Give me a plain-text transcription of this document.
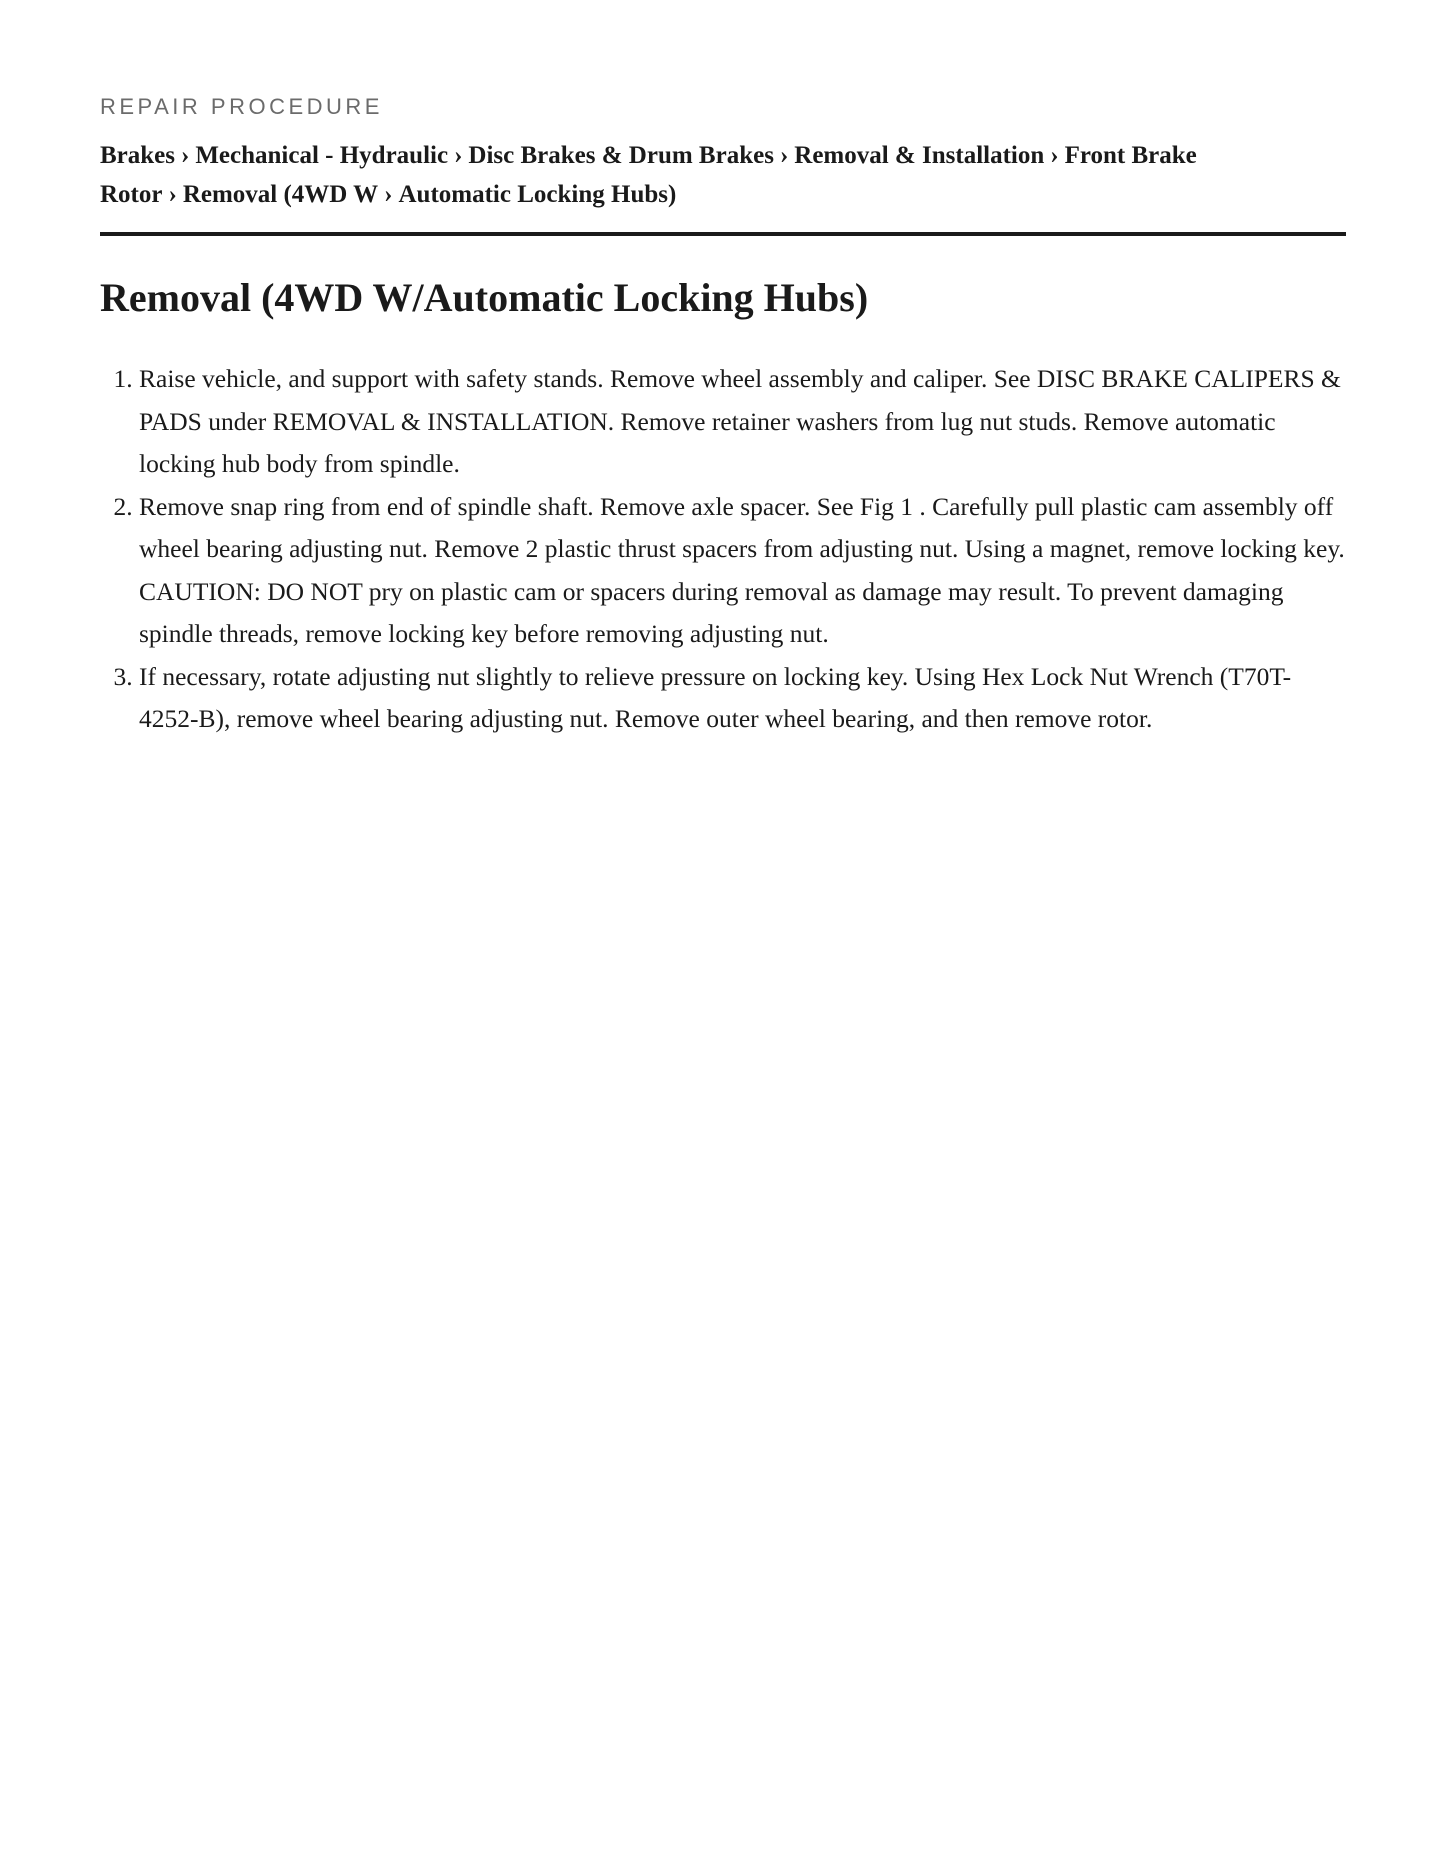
REPAIR PROCEDURE
Brakes › Mechanical - Hydraulic › Disc Brakes & Drum Brakes › Removal & Installation › Front Brake Rotor › Removal (4WD W › Automatic Locking Hubs)
Removal (4WD W/Automatic Locking Hubs)

1. Raise vehicle, and support with safety stands. Remove wheel assembly and caliper. See DISC BRAKE CALIPERS & PADS under REMOVAL & INSTALLATION. Remove retainer washers from lug nut studs. Remove automatic locking hub body from spindle.

2. Remove snap ring from end of spindle shaft. Remove axle spacer. See Fig 1 . Carefully pull plastic cam assembly off wheel bearing adjusting nut. Remove 2 plastic thrust spacers from adjusting nut. Using a magnet, remove locking key.

CAUTION: DO NOT pry on plastic cam or spacers during removal as damage may result. To prevent damaging spindle threads, remove locking key before removing adjusting nut.

3. If necessary, rotate adjusting nut slightly to relieve pressure on locking key. Using Hex Lock Nut Wrench (T70T-4252-B), remove wheel bearing adjusting nut. Remove outer wheel bearing, and then remove rotor.
